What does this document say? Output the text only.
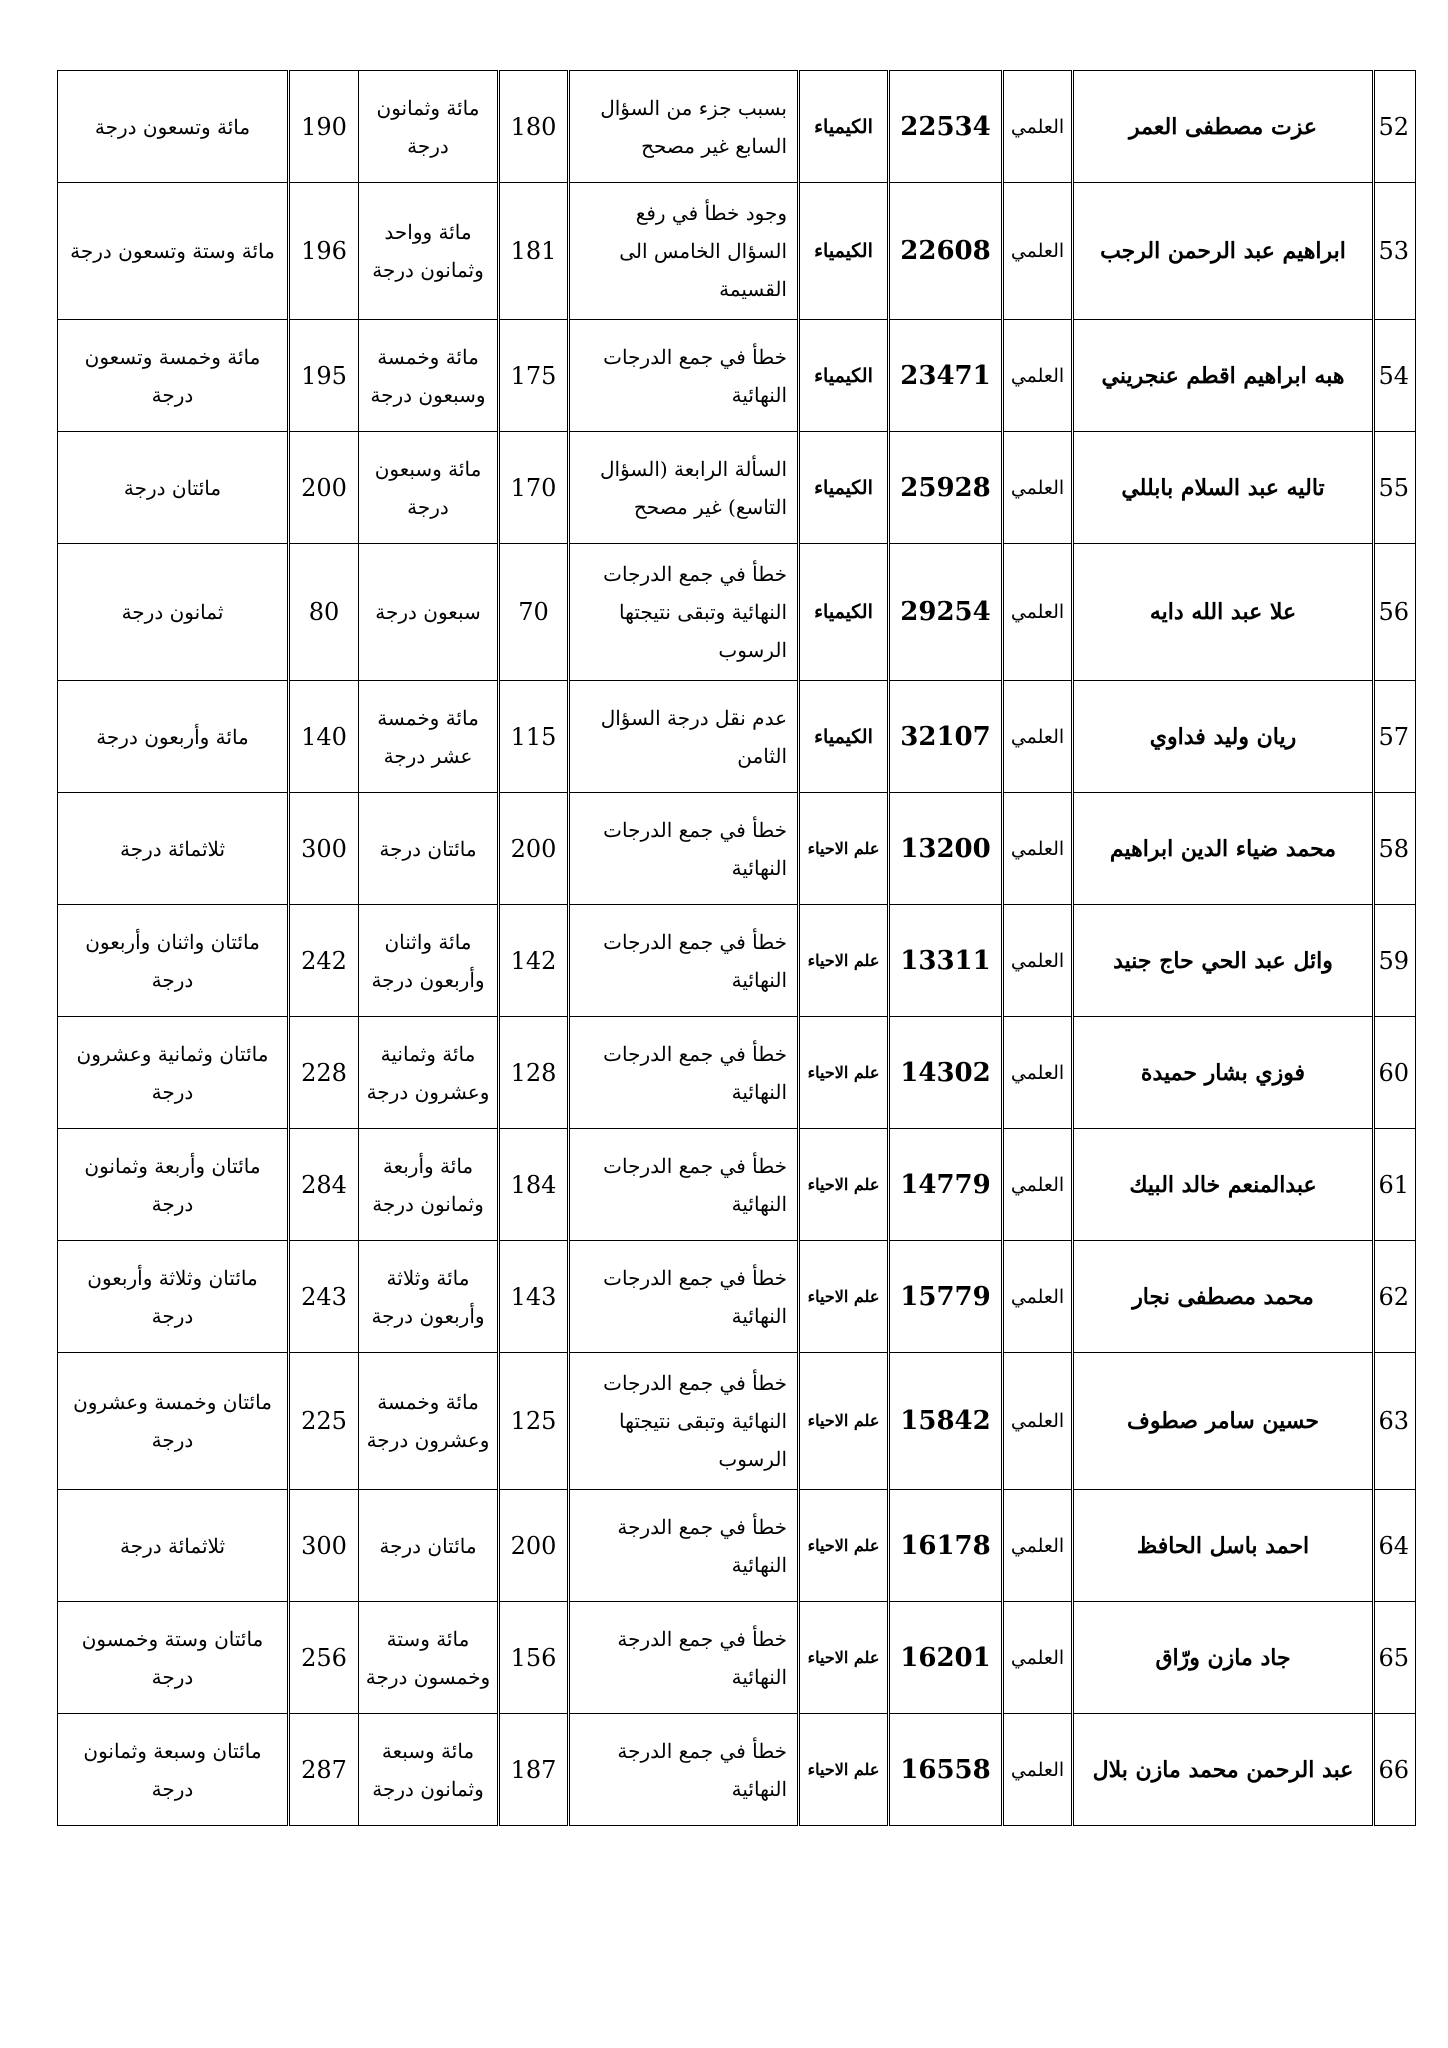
52	عزت مصطفى العمر	العلمي	22534	الكيمياء	بسبب جزء من السؤال السابع غير مصحح	180	مائة وثمانون درجة	190	مائة وتسعون درجة
53	ابراهيم عبد الرحمن الرجب	العلمي	22608	الكيمياء	وجود خطأ في رفع السؤال الخامس الى القسيمة	181	مائة وواحد وثمانون درجة	196	مائة وستة وتسعون درجة
54	هبه ابراهيم اقطم عنجريني	العلمي	23471	الكيمياء	خطأ في جمع الدرجات النهائية	175	مائة وخمسة وسبعون درجة	195	مائة وخمسة وتسعون درجة
55	تاليه عبد السلام بابللي	العلمي	25928	الكيمياء	السألة الرابعة (السؤال التاسع) غير مصحح	170	مائة وسبعون درجة	200	مائتان درجة
56	علا عبد الله دايه	العلمي	29254	الكيمياء	خطأ في جمع الدرجات النهائية وتبقى نتيجتها الرسوب	70	سبعون درجة	80	ثمانون درجة
57	ريان وليد فداوي	العلمي	32107	الكيمياء	عدم نقل درجة السؤال الثامن	115	مائة وخمسة عشر درجة	140	مائة وأربعون درجة
58	محمد ضياء الدين ابراهيم	العلمي	13200	علم الاحياء	خطأ في جمع الدرجات النهائية	200	مائتان درجة	300	ثلاثمائة درجة
59	وائل عبد الحي حاج جنيد	العلمي	13311	علم الاحياء	خطأ في جمع الدرجات النهائية	142	مائة واثنان وأربعون درجة	242	مائتان واثنان وأربعون درجة
60	فوزي بشار حميدة	العلمي	14302	علم الاحياء	خطأ في جمع الدرجات النهائية	128	مائة وثمانية وعشرون درجة	228	مائتان وثمانية وعشرون درجة
61	عبدالمنعم خالد البيك	العلمي	14779	علم الاحياء	خطأ في جمع الدرجات النهائية	184	مائة وأربعة وثمانون درجة	284	مائتان وأربعة وثمانون درجة
62	محمد مصطفى نجار	العلمي	15779	علم الاحياء	خطأ في جمع الدرجات النهائية	143	مائة وثلاثة وأربعون درجة	243	مائتان وثلاثة وأربعون درجة
63	حسين سامر صطوف	العلمي	15842	علم الاحياء	خطأ في جمع الدرجات النهائية وتبقى نتيجتها الرسوب	125	مائة وخمسة وعشرون درجة	225	مائتان وخمسة وعشرون درجة
64	احمد باسل الحافظ	العلمي	16178	علم الاحياء	خطأ في جمع الدرجة النهائية	200	مائتان درجة	300	ثلاثمائة درجة
65	جاد مازن ورّاق	العلمي	16201	علم الاحياء	خطأ في جمع الدرجة النهائية	156	مائة وستة وخمسون درجة	256	مائتان وستة وخمسون درجة
66	عبد الرحمن محمد مازن بلال	العلمي	16558	علم الاحياء	خطأ في جمع الدرجة النهائية	187	مائة وسبعة وثمانون درجة	287	مائتان وسبعة وثمانون درجة
